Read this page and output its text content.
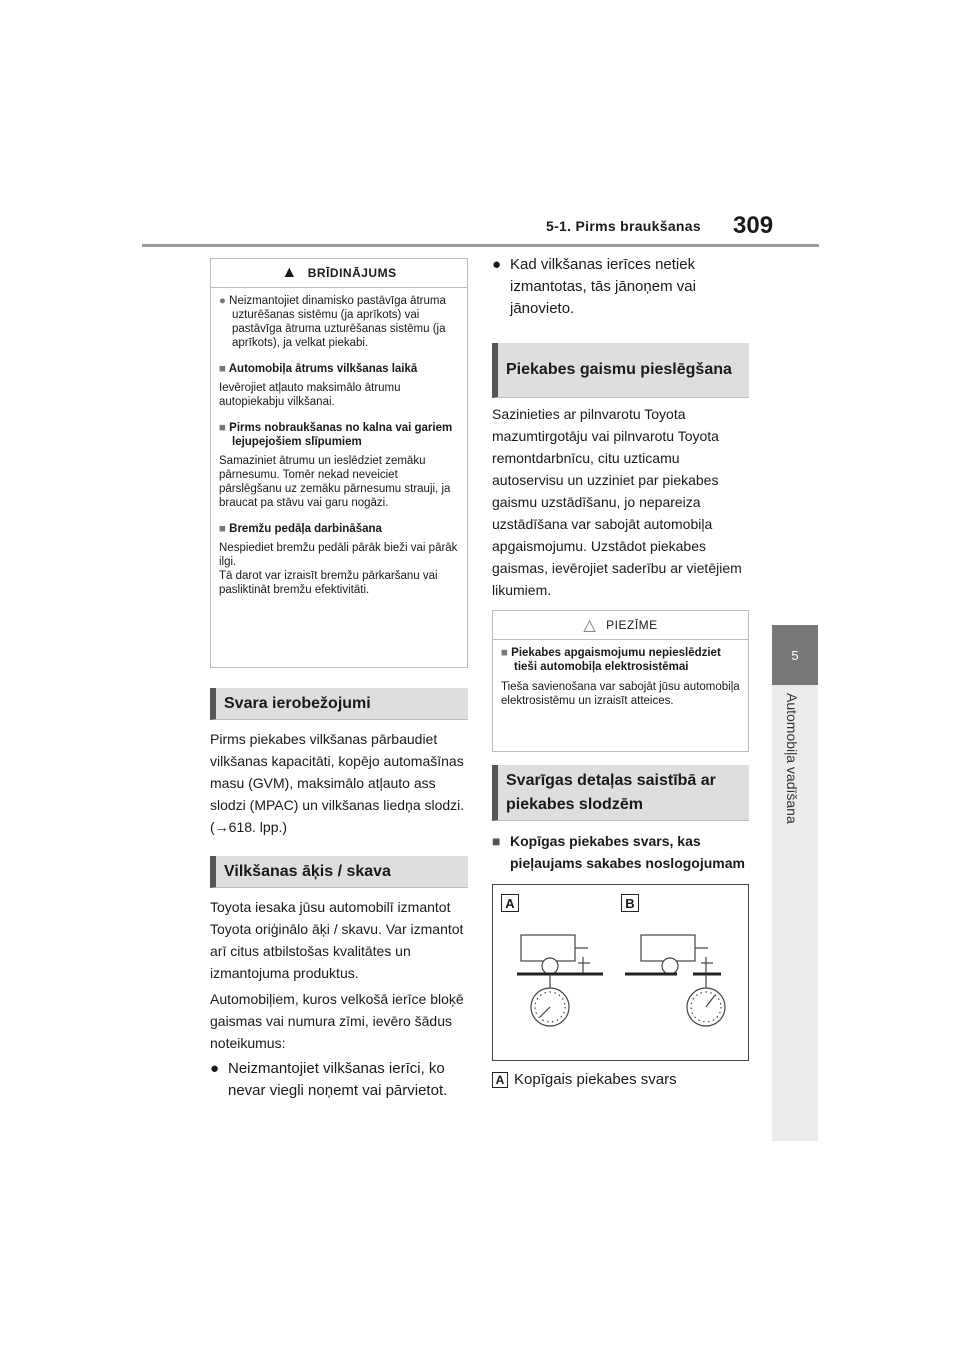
5-1. Pirms braukšanas 309
5
Automobiļa vadīšana
▲ BRĪDINĀJUMS

● Neizmantojiet dinamisko pastāvīga ātruma uzturēšanas sistēmu (ja aprīkots) vai pastāvīga ātruma uzturēšanas sistēmu (ja aprīkots), ja velkat piekabi.

■ Automobiļa ātrums vilkšanas laikā

Ievērojiet atļauto maksimālo ātrumu autopiekabju vilkšanai.

■ Pirms nobraukšanas no kalna vai gariem lejupejošiem slīpumiem

Samaziniet ātrumu un ieslēdziet zemāku pārnesumu. Tomēr nekad neveiciet pārslēgšanu uz zemāku pārnesumu strauji, ja braucat pa stāvu vai garu nogāzi.

■ Bremžu pedāļa darbināšana

Nespiediet bremžu pedāli pārāk bieži vai pārāk ilgi.

Tā darot var izraisīt bremžu pārkaršanu vai pasliktināt bremžu efektivitāti.

Svara ierobežojumi
Pirms piekabes vilkšanas pārbaudiet vilkšanas kapacitāti, kopējo automašīnas masu (GVM), maksimālo atļauto ass slodzi (MPAC) un vilkšanas liedņa slodzi. (→618. lpp.)
Vilkšanas āķis / skava
Toyota iesaka jūsu automobilī izmantot Toyota oriģinālo āķi / skavu. Var izmantot arī citus atbilstošas kvalitātes un izmantojuma produktus.
Automobiļiem, kuros velkošā ierīce bloķē gaismas vai numura zīmi, ievēro šādus noteikumus:
● Neizmantojiet vilkšanas ierīci, ko nevar viegli noņemt vai pārvietot.
● Kad vilkšanas ierīces netiek izmantotas, tās jānoņem vai jānovieto.
Piekabes gaismu pieslēgšana
Sazinieties ar pilnvarotu Toyota mazumtirgotāju vai pilnvarotu Toyota remontdarbnīcu, citu uzticamu autoservisu un uzziniet par piekabes gaismu uzstādīšanu, jo nepareiza uzstādīšana var sabojāt automobiļa apgaismojumu. Uzstādot piekabes gaismas, ievērojiet saderību ar vietējiem likumiem.
△ PIEZĪME

■ Piekabes apgaismojumu nepieslēdziet tieši automobiļa elektrosistēmai

Tieša savienošana var sabojāt jūsu automobiļa elektrosistēmu un izraisīt atteices.

Svarīgas detaļas saistībā ar piekabes slodzēm
■ Kopīgas piekabes svars, kas pieļaujams sakabes noslogojumam
A	B
A Kopīgais piekabes svars
